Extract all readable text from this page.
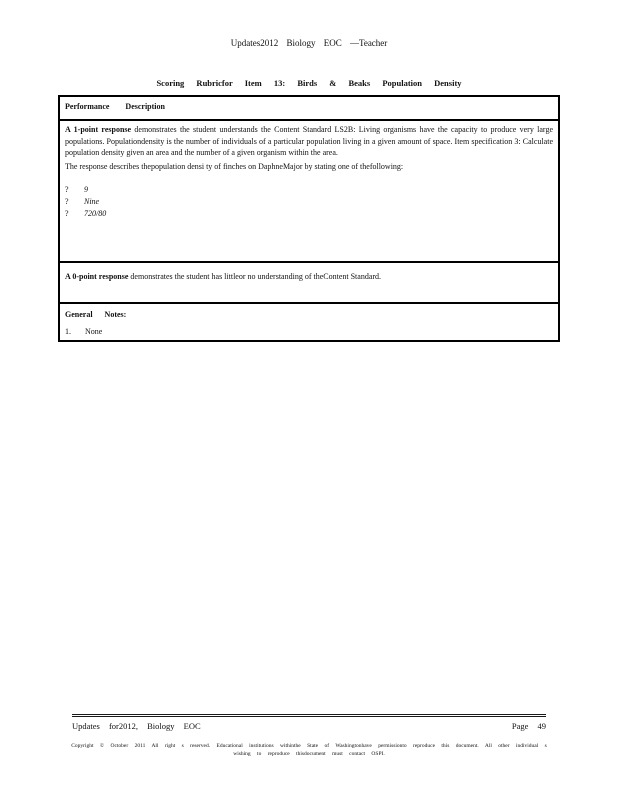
Updates2012 Biology EOC —Teacher
Scoring Rubricfor Item 13: Birds & Beaks Population Density
Performance Description

A 1-point response demonstrates the student understands the Content Standard LS2B: Living organisms have the capacity to produce very large populations. Populationdensity is the number of individuals of a particular population living in a given amount of space. Item specification 3: Calculate population density given an area and the number of a given organism within the area.

The response describes thepopulation densi ty of finches on DaphneMajor by stating one of thefollowing:

?	9
?	Nine
?	720/80
A 0-point response demonstrates the student has littleor no understanding of theContent Standard.
General Notes:
1. None
Updates for2012, Biology EOC	Page 49
Copyright © October 2011 All right s reserved. Educational institutions withinthe State of Washingtonhave permissionto reproduce this document. All other individual s wishing to reproduce thisdocument must contact OSPI.
